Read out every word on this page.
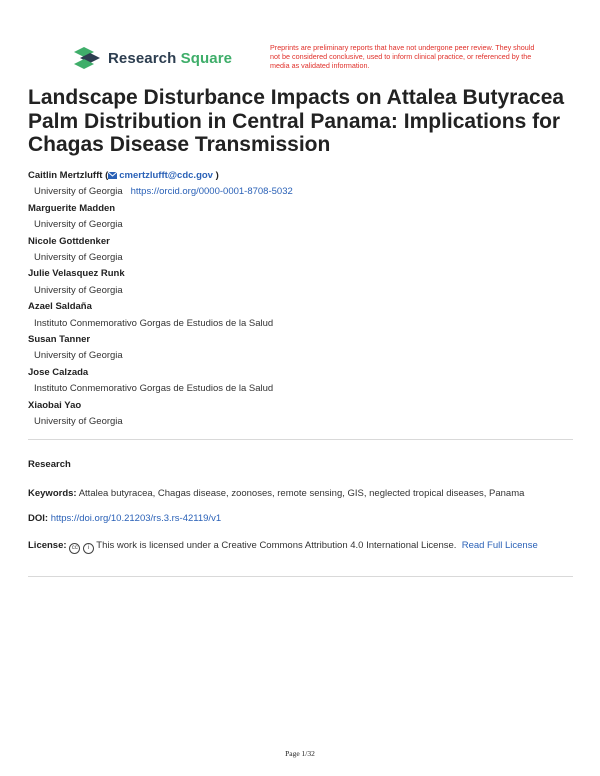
Research Square
Preprints are preliminary reports that have not undergone peer review. They should not be considered conclusive, used to inform clinical practice, or referenced by the media as validated information.
Landscape Disturbance Impacts on Attalea Butyracea Palm Distribution in Central Panama: Implications for Chagas Disease Transmission
Caitlin Mertzlufft ( cmertzlufft@cdc.gov )
University of Georgia https://orcid.org/0000-0001-8708-5032
Marguerite Madden
University of Georgia
Nicole Gottdenker
University of Georgia
Julie Velasquez Runk
University of Georgia
Azael Saldaña
Instituto Conmemorativo Gorgas de Estudios de la Salud
Susan Tanner
University of Georgia
Jose Calzada
Instituto Conmemorativo Gorgas de Estudios de la Salud
Xiaobai Yao
University of Georgia
Research
Keywords: Attalea butyracea, Chagas disease, zoonoses, remote sensing, GIS, neglected tropical diseases, Panama
DOI: https://doi.org/10.21203/rs.3.rs-42119/v1
License: cc i This work is licensed under a Creative Commons Attribution 4.0 International License. Read Full License
Page 1/32
